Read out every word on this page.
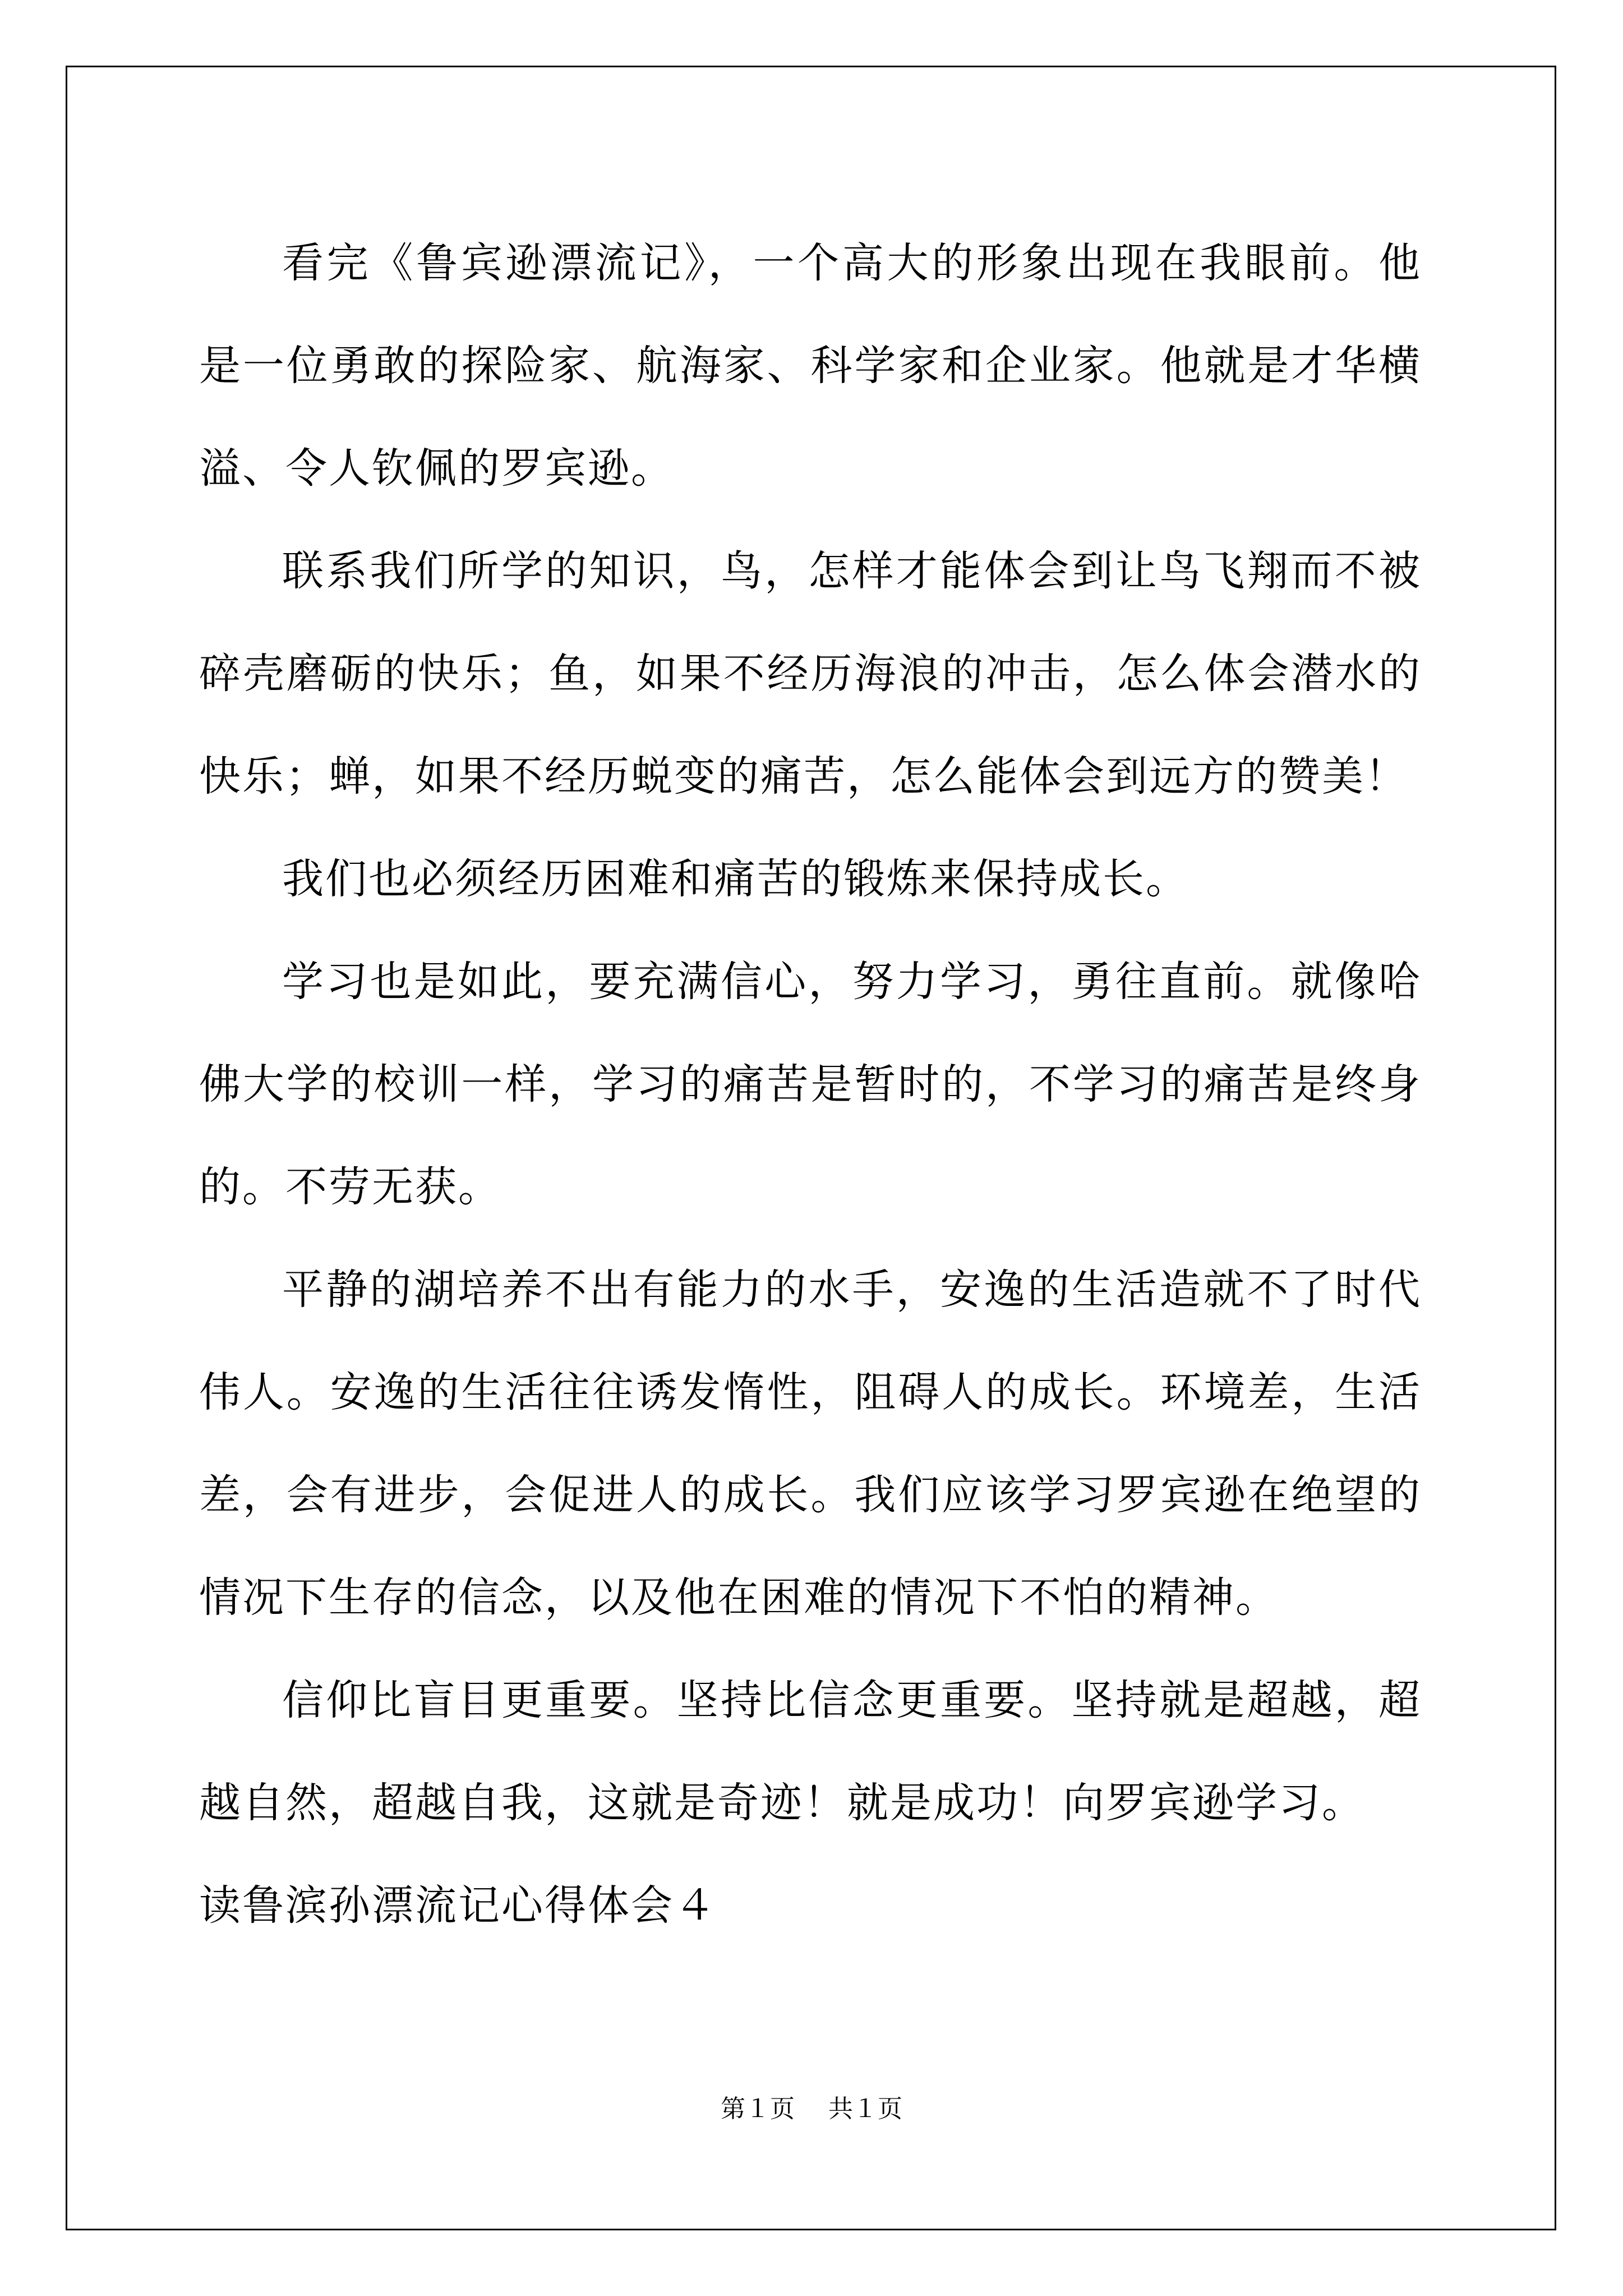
看完《鲁宾逊漂流记》，一个高大的形象出现在我眼前。他是一位勇敢的探险家、航海家、科学家和企业家。他就是才华横溢、令人钦佩的罗宾逊。

联系我们所学的知识，鸟，怎样才能体会到让鸟飞翔而不被碎壳磨砺的快乐；鱼，如果不经历海浪的冲击，怎么体会潜水的快乐；蝉，如果不经历蜕变的痛苦，怎么能体会到远方的赞美！

我们也必须经历困难和痛苦的锻炼来保持成长。

学习也是如此，要充满信心，努力学习，勇往直前。就像哈佛大学的校训一样，学习的痛苦是暂时的，不学习的痛苦是终身的。不劳无获。

平静的湖培养不出有能力的水手，安逸的生活造就不了时代伟人。安逸的生活往往诱发惰性，阻碍人的成长。环境差，生活差，会有进步，会促进人的成长。我们应该学习罗宾逊在绝望的情况下生存的信念，以及他在困难的情况下不怕的精神。

信仰比盲目更重要。坚持比信念更重要。坚持就是超越，超越自然，超越自我，这就是奇迹！就是成功！向罗宾逊学习。

读鲁滨孙漂流记心得体会４

第１页 共１页
